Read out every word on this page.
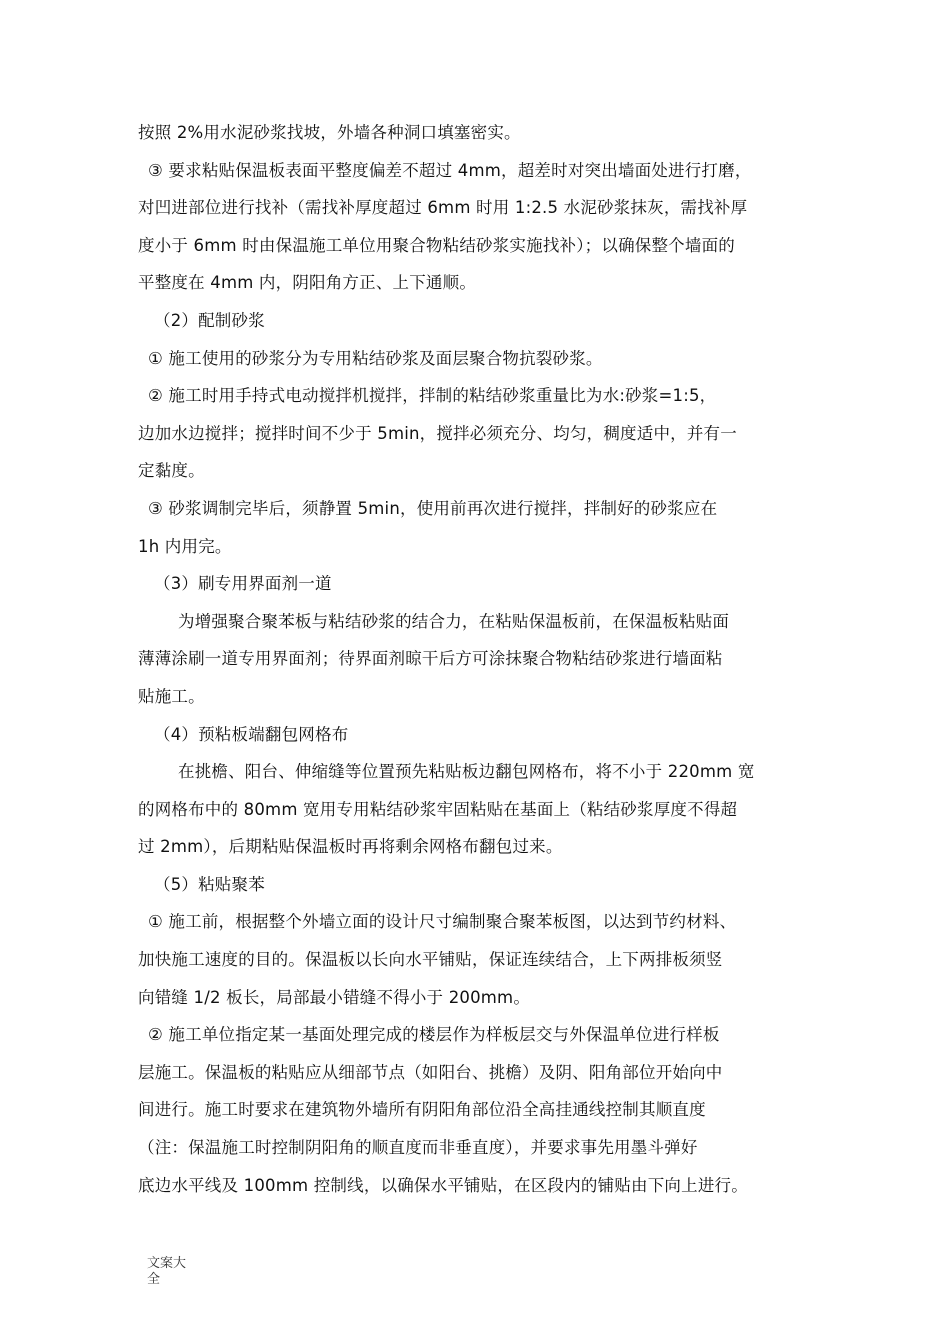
按照 2%用水泥砂浆找坡，外墙各种洞口填塞密实。
③ 要求粘贴保温板表面平整度偏差不超过 4mm，超差时对突出墙面处进行打磨，
对凹进部位进行找补（需找补厚度超过 6mm 时用 1:2.5 水泥砂浆抹灰，需找补厚
度小于 6mm 时由保温施工单位用聚合物粘结砂浆实施找补）；以确保整个墙面的
平整度在 4mm 内，阴阳角方正、上下通顺。
（2）配制砂浆
① 施工使用的砂浆分为专用粘结砂浆及面层聚合物抗裂砂浆。
② 施工时用手持式电动搅拌机搅拌，拌制的粘结砂浆重量比为水:砂浆=1:5，
边加水边搅拌；搅拌时间不少于 5min，搅拌必须充分、均匀，稠度适中，并有一
定黏度。
③ 砂浆调制完毕后，须静置 5min，使用前再次进行搅拌，拌制好的砂浆应在
1h 内用完。
（3）刷专用界面剂一道
为增强聚合聚苯板与粘结砂浆的结合力，在粘贴保温板前，在保温板粘贴面
薄薄涂刷一道专用界面剂；待界面剂晾干后方可涂抹聚合物粘结砂浆进行墙面粘
贴施工。
（4）预粘板端翻包网格布
在挑檐、阳台、伸缩缝等位置预先粘贴板边翻包网格布，将不小于 220mm 宽
的网格布中的 80mm 宽用专用粘结砂浆牢固粘贴在基面上（粘结砂浆厚度不得超
过 2mm），后期粘贴保温板时再将剩余网格布翻包过来。
（5）粘贴聚苯
① 施工前，根据整个外墙立面的设计尺寸编制聚合聚苯板图，以达到节约材料、
加快施工速度的目的。保温板以长向水平铺贴，保证连续结合，上下两排板须竖
向错缝 1/2 板长，局部最小错缝不得小于 200mm。
② 施工单位指定某一基面处理完成的楼层作为样板层交与外保温单位进行样板
层施工。保温板的粘贴应从细部节点（如阳台、挑檐）及阴、阳角部位开始向中
间进行。施工时要求在建筑物外墙所有阴阳角部位沿全高挂通线控制其顺直度
（注：保温施工时控制阴阳角的顺直度而非垂直度），并要求事先用墨斗弹好
底边水平线及 100mm 控制线，以确保水平铺贴，在区段内的铺贴由下向上进行。
文案大
全
